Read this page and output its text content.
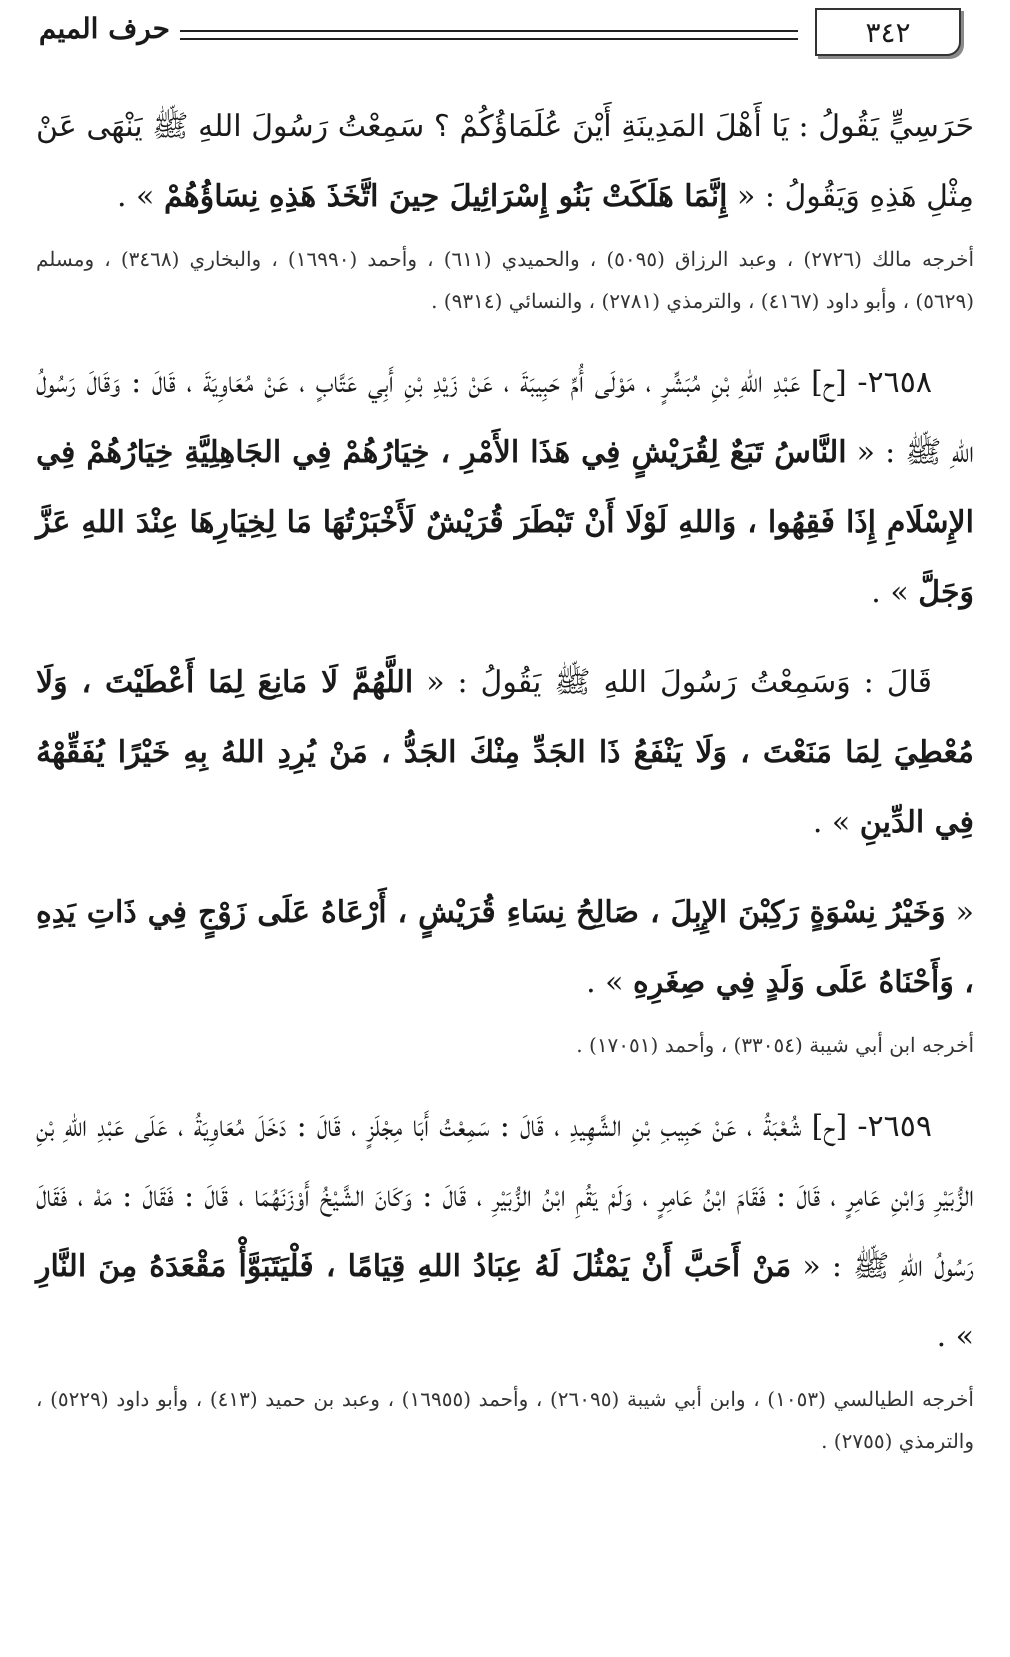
٣٤٢
حرف الميم

حَرَسِيٍّ يَقُولُ : يَا أَهْلَ المَدِينَةِ أَيْنَ عُلَمَاؤُكُمْ ؟ سَمِعْتُ رَسُولَ اللهِ ﷺ يَنْهَى عَنْ مِثْلِ هَذِهِ وَيَقُولُ : « إِنَّمَا هَلَكَتْ بَنُو إِسْرَائِيلَ حِينَ اتَّخَذَ هَذِهِ نِسَاؤُهُمْ » .

أخرجه مالك (٢٧٢٦) ، وعبد الرزاق (٥٠٩٥) ، والحميدي (٦١١) ، وأحمد (١٦٩٩٠) ، والبخاري (٣٤٦٨) ، ومسلم (٥٦٢٩) ، وأبو داود (٤١٦٧) ، والترمذي (٢٧٨١) ، والنسائي (٩٣١٤) .

٢٦٥٨- [ح] عَبْدِ اللهِ بْنِ مُبَشِّرٍ ، مَوْلَى أُمِّ حَبِيبَةَ ، عَنْ زَيْدِ بْنِ أَبِي عَتَّابٍ ، عَنْ مُعَاوِيَةَ ، قَالَ : وَقَالَ رَسُولُ اللهِ ﷺ : « النَّاسُ تَبَعٌ لِقُرَيْشٍ فِي هَذَا الأَمْرِ ، خِيَارُهُمْ فِي الجَاهِلِيَّةِ خِيَارُهُمْ فِي الإِسْلَامِ إِذَا فَقِهُوا ، وَاللهِ لَوْلَا أَنْ تَبْطَرَ قُرَيْشٌ لَأَخْبَرْتُهَا مَا لِخِيَارِهَا عِنْدَ اللهِ عَزَّ وَجَلَّ » .

قَالَ : وَسَمِعْتُ رَسُولَ اللهِ ﷺ يَقُولُ : « اللَّهُمَّ لَا مَانِعَ لِمَا أَعْطَيْتَ ، وَلَا مُعْطِيَ لِمَا مَنَعْتَ ، وَلَا يَنْفَعُ ذَا الجَدِّ مِنْكَ الجَدُّ ، مَنْ يُرِدِ اللهُ بِهِ خَيْرًا يُفَقِّهْهُ فِي الدِّينِ » .

« وَخَيْرُ نِسْوَةٍ رَكِبْنَ الإِبِلَ ، صَالِحُ نِسَاءِ قُرَيْشٍ ، أَرْعَاهُ عَلَى زَوْجٍ فِي ذَاتِ يَدِهِ ، وَأَحْنَاهُ عَلَى وَلَدٍ فِي صِغَرِهِ » .

أخرجه ابن أبي شيبة (٣٣٠٥٤) ، وأحمد (١٧٠٥١) .

٢٦٥٩- [ح] شُعْبَةُ ، عَنْ حَبِيبِ بْنِ الشَّهِيدِ ، قَالَ : سَمِعْتُ أَبَا مِجْلَزٍ ، قَالَ : دَخَلَ مُعَاوِيَةُ ، عَلَى عَبْدِ اللهِ بْنِ الزُّبَيْرِ وَابْنِ عَامِرٍ ، قَالَ : فَقَامَ ابْنُ عَامِرٍ ، وَلَمْ يَقُمِ ابْنُ الزُّبَيْرِ ، قَالَ : وَكَانَ الشَّيْخُ أَوْزَنَهُمَا ، قَالَ : فَقَالَ : مَهْ ، فَقَالَ رَسُولُ اللهِ ﷺ : « مَنْ أَحَبَّ أَنْ يَمْثُلَ لَهُ عِبَادُ اللهِ قِيَامًا ، فَلْيَتَبَوَّأْ مَقْعَدَهُ مِنَ النَّارِ » .

أخرجه الطيالسي (١٠٥٣) ، وابن أبي شيبة (٢٦٠٩٥) ، وأحمد (١٦٩٥٥) ، وعبد بن حميد (٤١٣) ، وأبو داود (٥٢٢٩) ، والترمذي (٢٧٥٥) .
